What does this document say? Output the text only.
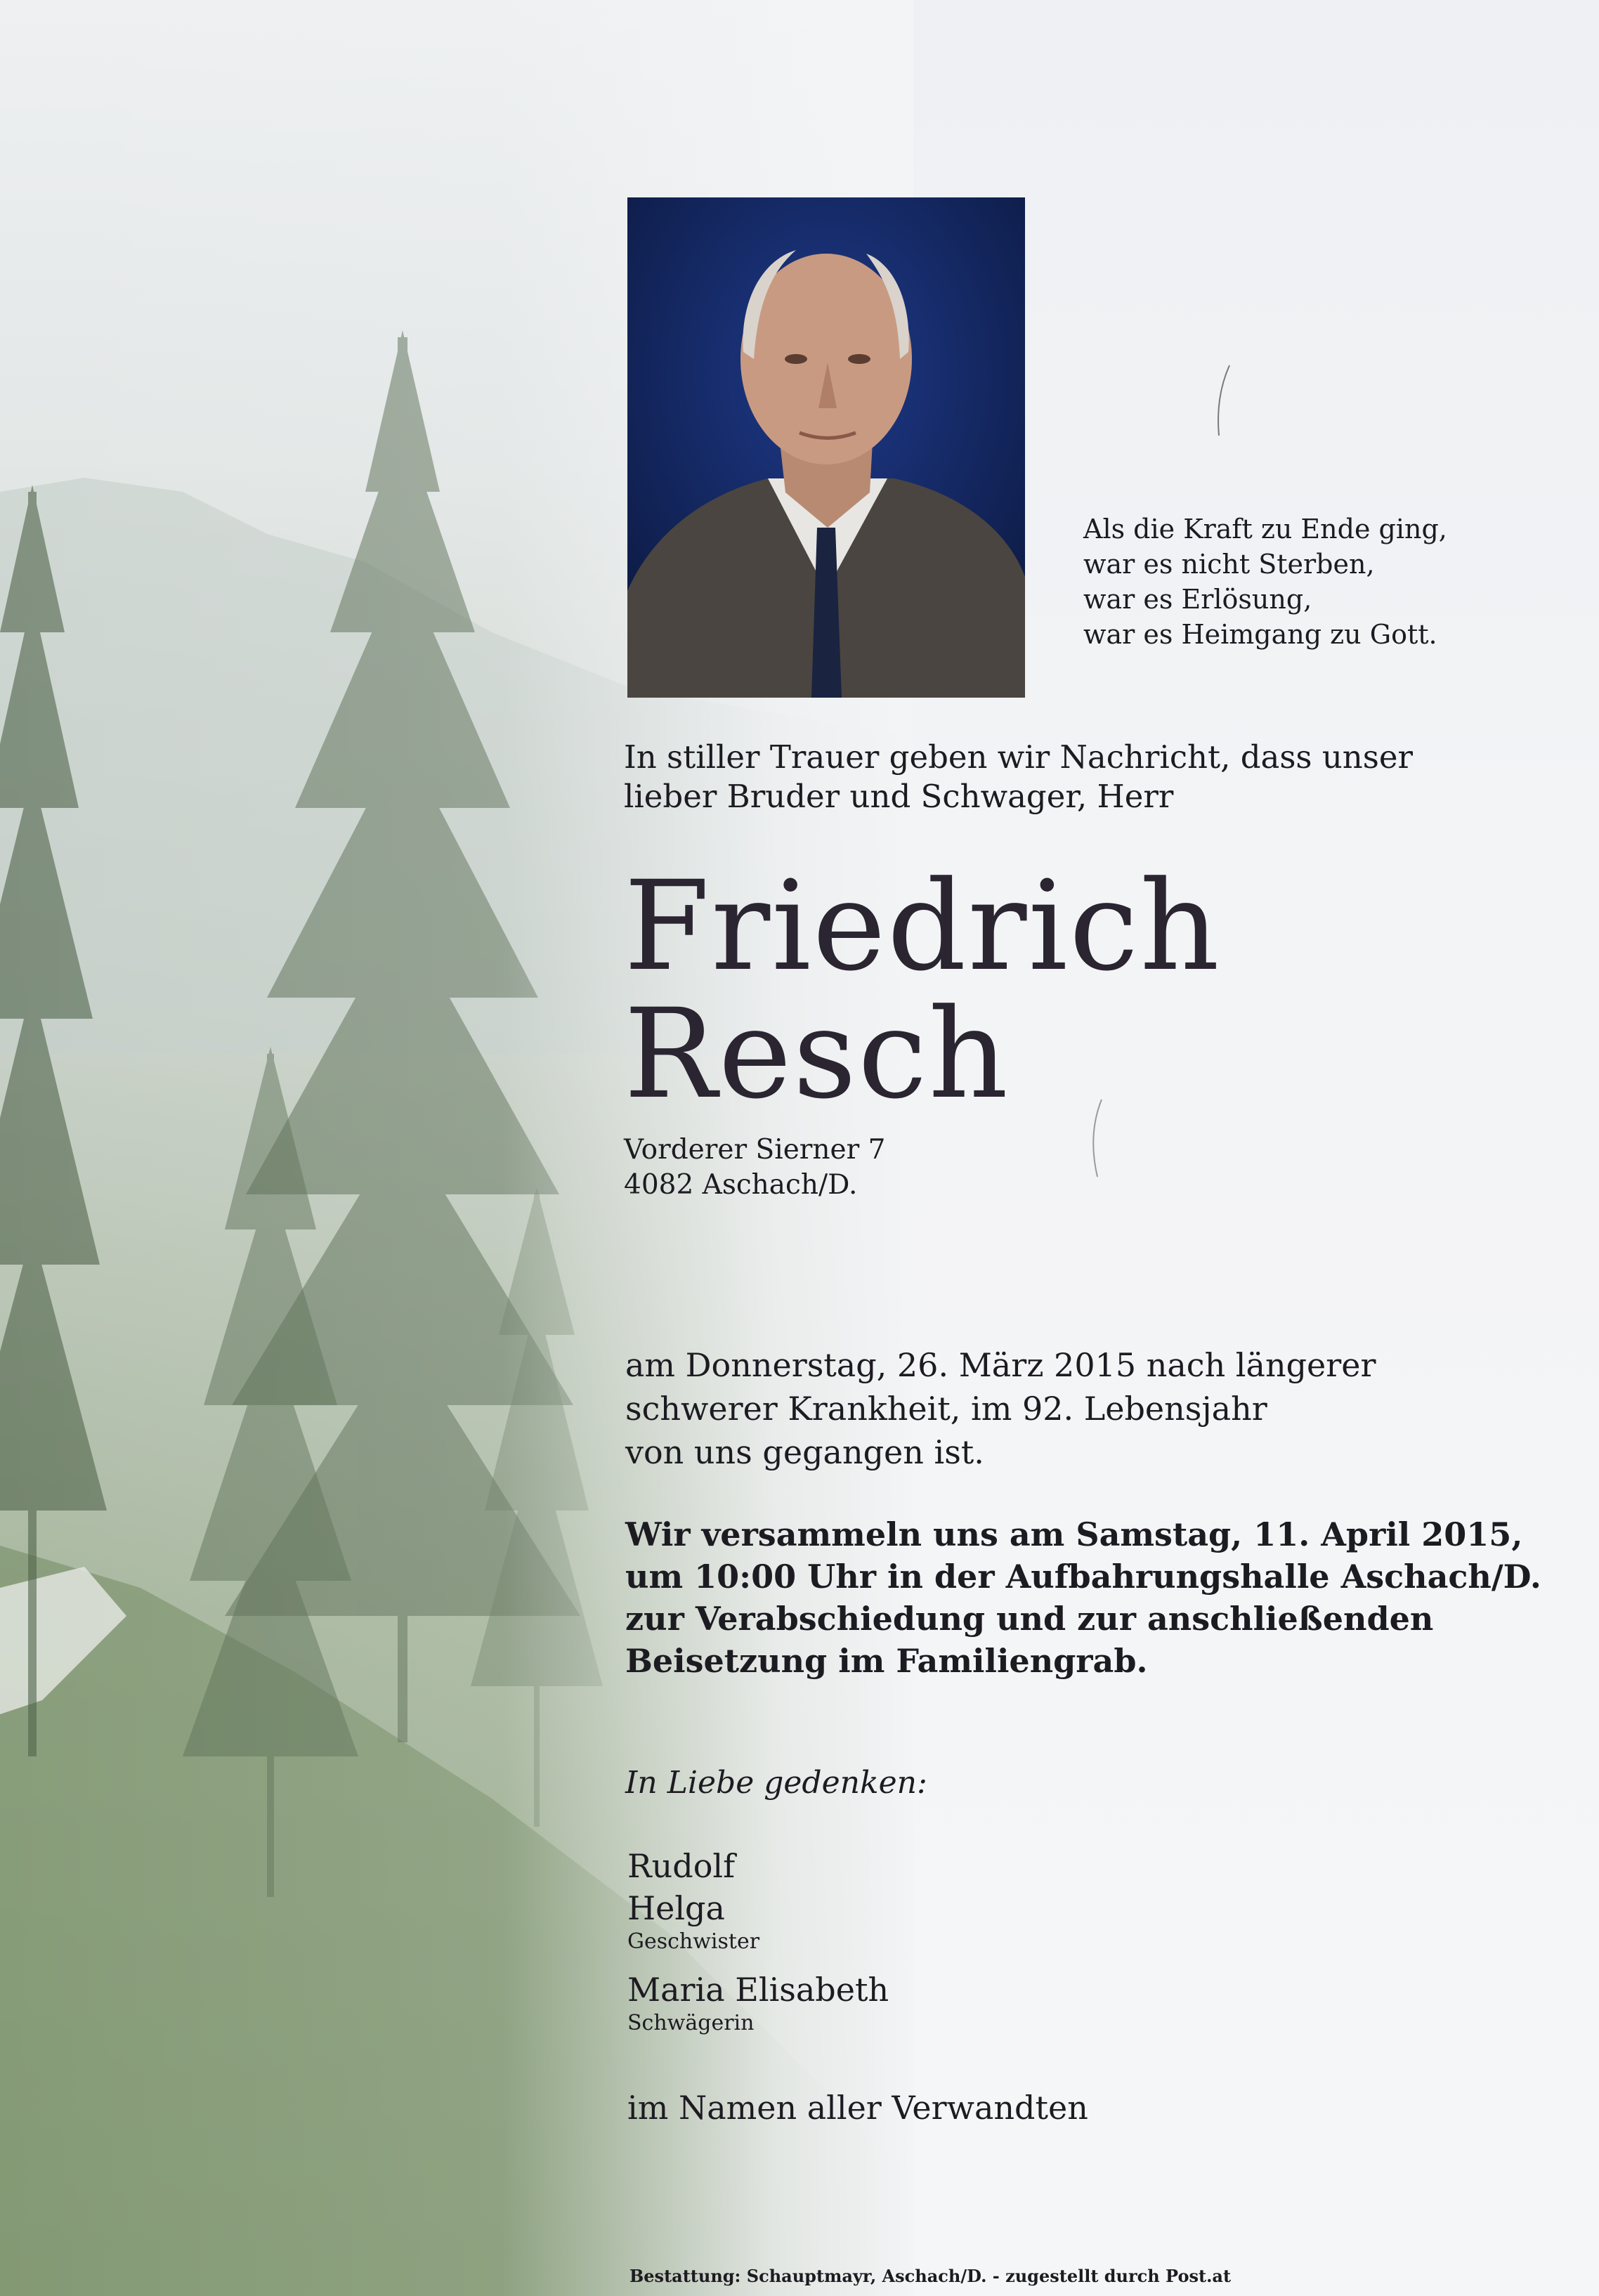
Als die Kraft zu Ende ging,
war es nicht Sterben,
war es Erlösung,
war es Heimgang zu Gott.
In stiller Trauer geben wir Nachricht, dass unser
lieber Bruder und Schwager, Herr
Friedrich
Resch
Vorderer Sierner 7
4082 Aschach/D.
am Donnerstag, 26. März 2015 nach längerer
schwerer Krankheit, im 92. Lebensjahr
von uns gegangen ist.
Wir versammeln uns am Samstag, 11. April 2015,
um 10:00 Uhr in der Aufbahrungshalle Aschach/D.
zur Verabschiedung und zur anschließenden
Beisetzung im Familiengrab.
In Liebe gedenken:
Rudolf
Helga
Geschwister
Maria Elisabeth
Schwägerin
im Namen aller Verwandten
Bestattung: Schauptmayr, Aschach/D. - zugestellt durch Post.at
